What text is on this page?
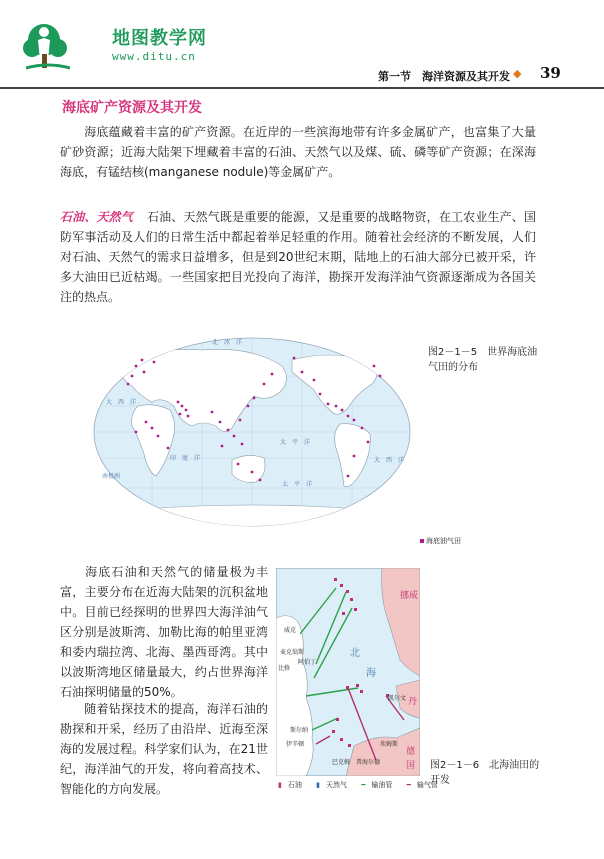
地图教学网
www.ditu.cn
第一节　海洋资源及其开发 ◆ 39
海底矿产资源及其开发
海底蕴藏着丰富的矿产资源。在近岸的一些滨海地带有许多金属矿产，也富集了大量矿砂资源；近海大陆架下埋藏着丰富的石油、天然气以及煤、硫、磷等矿产资源；在深海海底，有锰结核(manganese nodule)等金属矿产。
石油、天然气 石油、天然气既是重要的能源，又是重要的战略物资，在工农业生产、国防军事活动及人们的日常生活中都起着举足轻重的作用。随着社会经济的不断发展，人们对石油、天然气的需求日益增多，但是到20世纪末期，陆地上的石油大部分已被开采，许多大油田已近枯竭。一些国家把目光投向了海洋，勘探开发海洋油气资源逐渐成为各国关注的热点。
太　平　洋
大　西　洋
印　度　洋	大　西　洋
北　冰　洋
南极洲
太　平　洋
图2－1－5　世界海底油气田的分布
海底油气田
海底石油和天然气的储量极为丰富，主要分布在近海大陆架的沉积盆地中。目前已经探明的世界四大海洋油气区分别是波斯湾、加勒比海的帕里亚湾和委内瑞拉湾、北海、墨西哥湾。其中以波斯湾地区储量最大，约占世界海洋石油探明储量的50%。
随着钻探技术的提高，海洋石油的勘探和开采，经历了由沿岸、近海至深海的发展过程。科学家们认为，在21世纪，海洋油气的开发，将向着高技术、智能化的方向发展。
威克
麦克翁斯
阿伯丁
比格
斯尔纳
伊辛顿
凯尔文
埃姆斯
巴克姆 普海尔德
挪威
丹
德
国
北
海
▮ 石油 ▮ 天然气 ━ 输油管 ━ 输气管
图2－1－6　北海油田的开发
